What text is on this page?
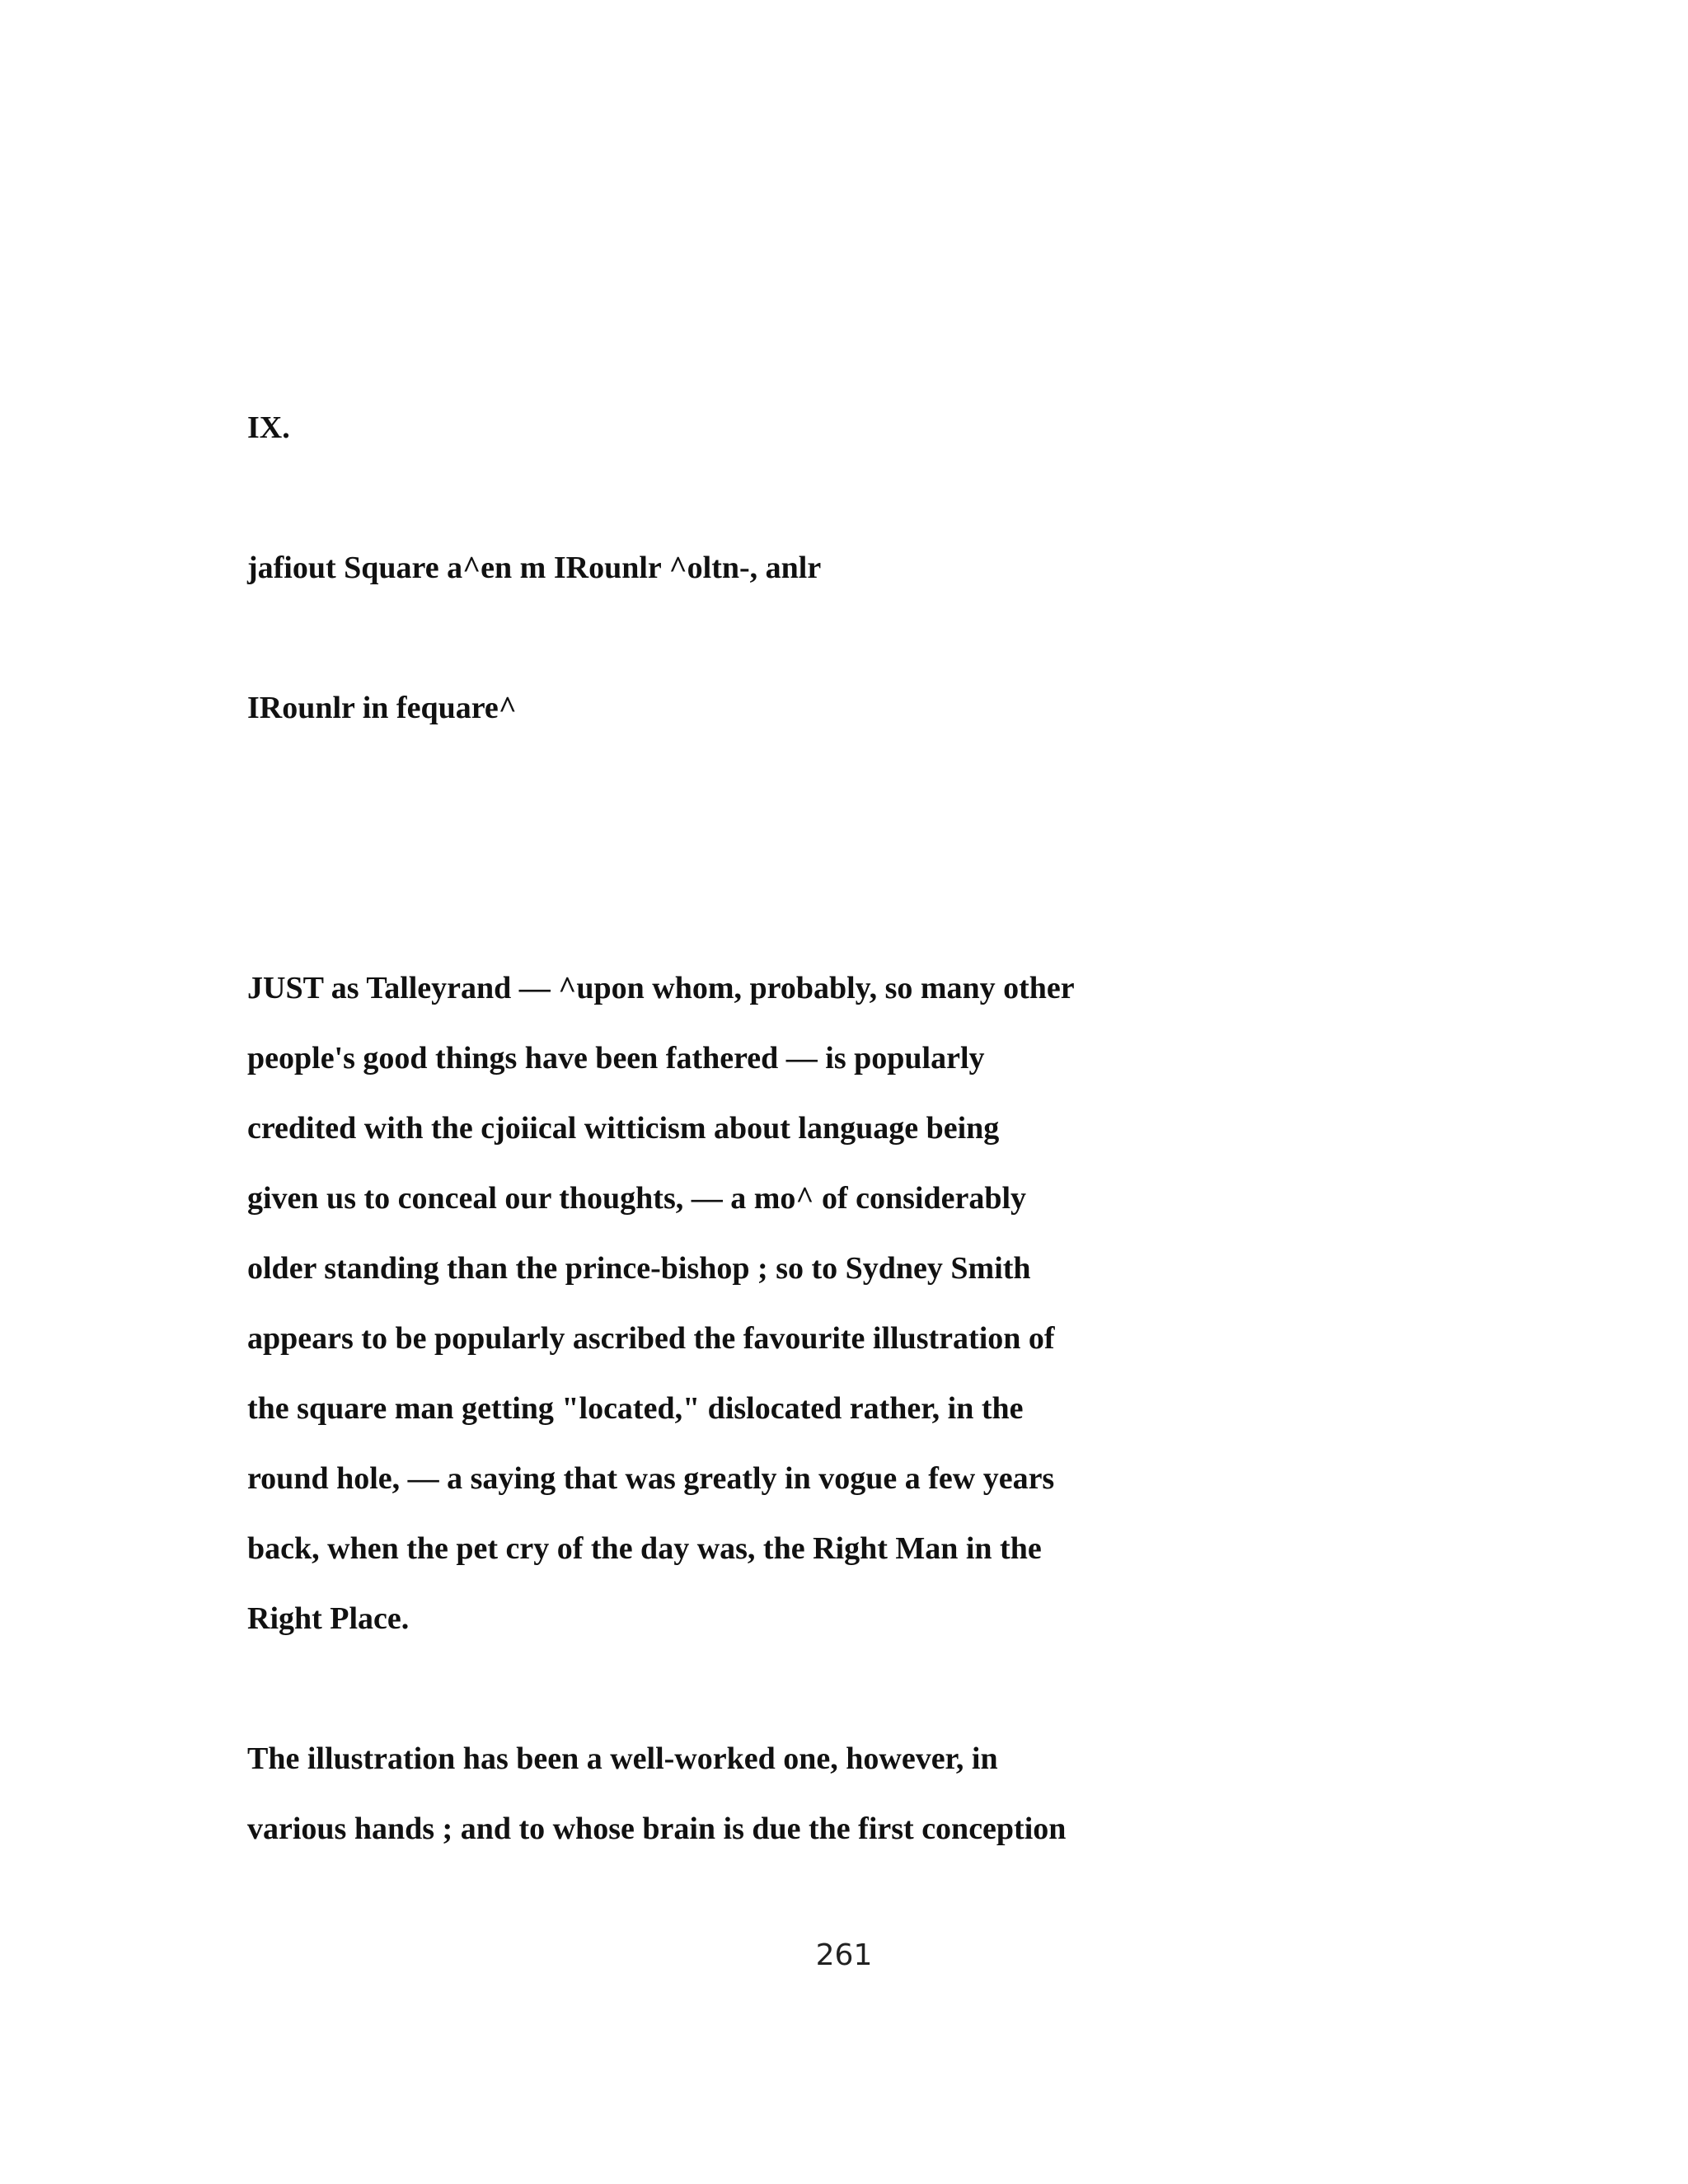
IX.

jafiout Square a^en m IRounlr ^oltn-, anlr

IRounlr in fequare^

JUST as Talleyrand — ^upon whom, probably, so many other

people's good things have been fathered — is popularly

credited with the cjoiical witticism about language being

given us to conceal our thoughts, — a mo^ of considerably

older standing than the prince-bishop ; so to Sydney Smith

appears to be popularly ascribed the favourite illustration of

the square man getting "located," dislocated rather, in the

round hole, — a saying that was greatly in vogue a few years

back, when the pet cry of the day was, the Right Man in the

Right Place.

The illustration has been a well-worked one, however, in

various hands ; and to whose brain is due the first conception

261
